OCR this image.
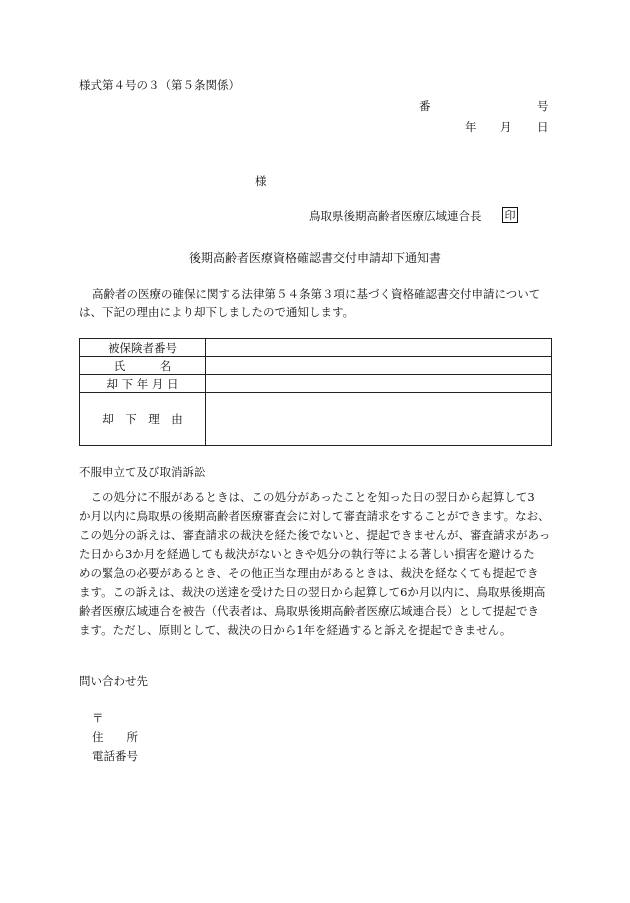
様式第４号の３（第５条関係）
番	号
年 月 日
様
鳥取県後期高齢者医療広域連合長 印
後期高齢者医療資格確認書交付申請却下通知書
高齢者の医療の確保に関する法律第５４条第３項に基づく資格確認書交付申請について
は、下記の理由により却下しましたので通知します。
被保険者番号	

氏　　　名	

却 下 年 月 日	

却　下　理　由	

不服申立て及び取消訴訟
　この処分に不服があるときは、この処分があったことを知った日の翌日から起算して3
か月以内に鳥取県の後期高齢者医療審査会に対して審査請求をすることができます。なお、
この処分の訴えは、審査請求の裁決を経た後でないと、提起できませんが、審査請求があっ
た日から3か月を経過しても裁決がないときや処分の執行等による著しい損害を避けるた
めの緊急の必要があるとき、その他正当な理由があるときは、裁決を経なくても提起でき
ます。この訴えは、裁決の送達を受けた日の翌日から起算して6か月以内に、鳥取県後期高
齢者医療広域連合を被告（代表者は、鳥取県後期高齢者医療広域連合長）として提起でき
ます。ただし、原則として、裁決の日から1年を経過すると訴えを提起できません。
問い合わせ先
〒
住　　所
電話番号
